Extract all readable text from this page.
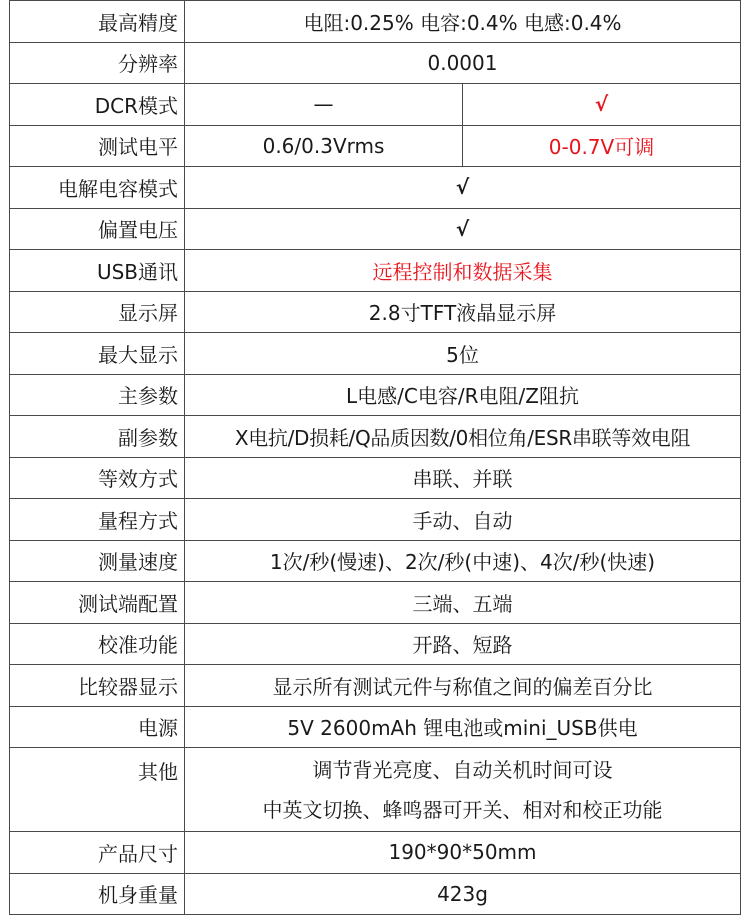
最高精度	电阻:0.25% 电容:0.4% 电感:0.4%	
分辨率	0.0001	
DCR模式	—	√
测试电平	0.6/0.3Vrms	0-0.7V可调
电解电容模式	√	
偏置电压	√	
USB通讯	远程控制和数据采集	
显示屏	2.8寸TFT液晶显示屏	
最大显示	5位	
主参数	L电感/C电容/R电阻/Z阻抗	
副参数	X电抗/D损耗/Q品质因数/0相位角/ESR串联等效电阻	
等效方式	串联、并联	
量程方式	手动、自动	
测量速度	1次/秒(慢速)、2次/秒(中速)、4次/秒(快速)	
测试端配置	三端、五端	
校准功能	开路、短路	
比较器显示	显示所有测试元件与称值之间的偏差百分比	
电源	5V 2600mAh 锂电池或mini_USB供电	
其他	调节背光亮度、自动关机时间可设
中英文切换、蜂鸣器可开关、相对和校正功能	

产品尺寸	190*90*50mm	
机身重量	423g	
